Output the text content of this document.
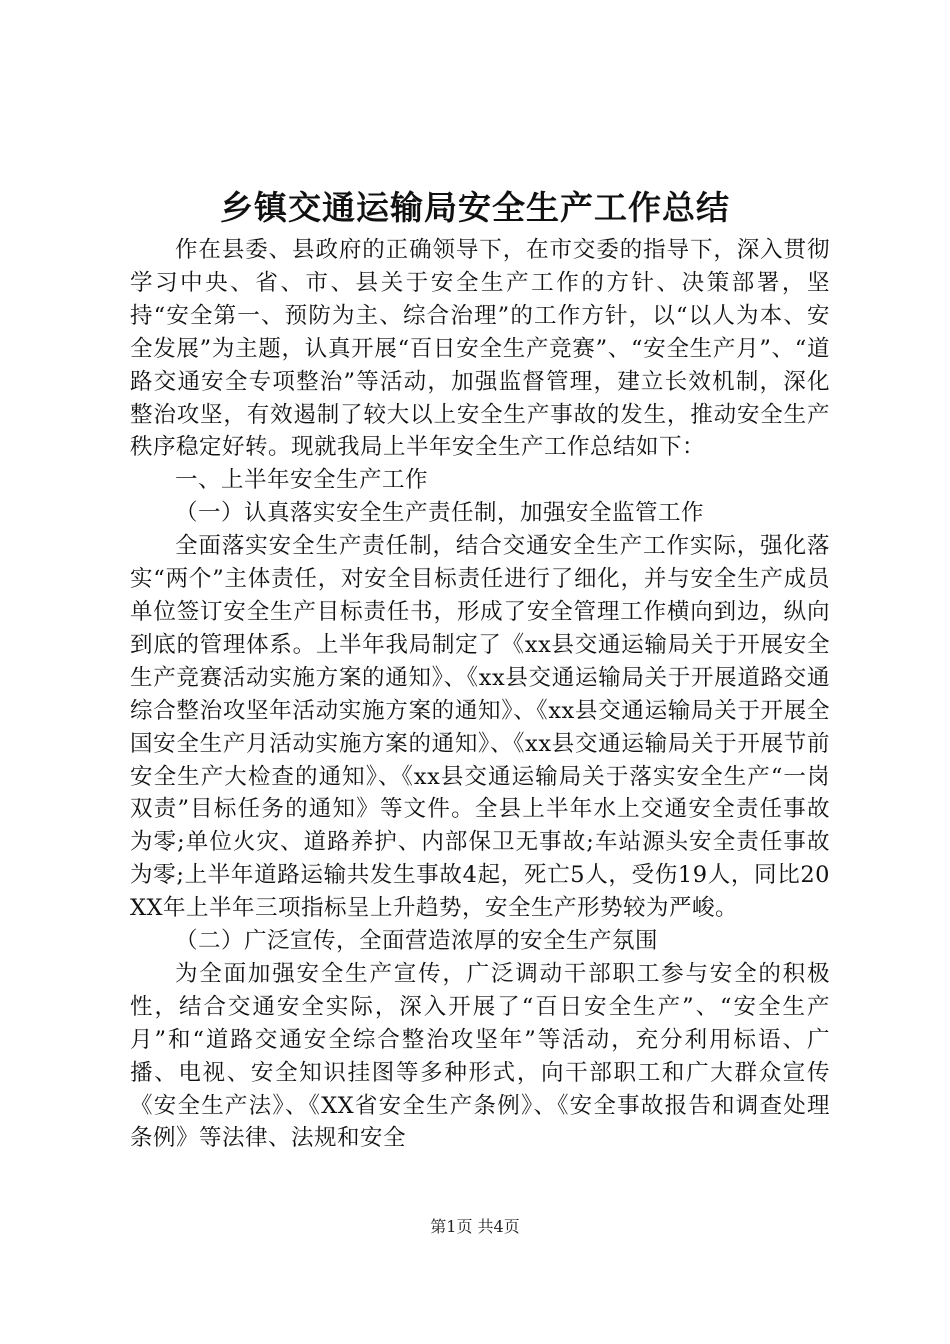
乡镇交通运输局安全生产工作总结

作在县委、县政府的正确领导下，在市交委的指导下，深入贯彻学习中央、省、市、县关于安全生产工作的方针、决策部署，坚持“安全第一、预防为主、综合治理”的工作方针，以“以人为本、安全发展”为主题，认真开展“百日安全生产竞赛”、“安全生产月”、“道路交通安全专项整治”等活动，加强监督管理，建立长效机制，深化整治攻坚，有效遏制了较大以上安全生产事故的发生，推动安全生产秩序稳定好转。现就我局上半年安全生产工作总结如下：

一、上半年安全生产工作

（一）认真落实安全生产责任制，加强安全监管工作

全面落实安全生产责任制，结合交通安全生产工作实际，强化落实“两个”主体责任，对安全目标责任进行了细化，并与安全生产成员单位签订安全生产目标责任书，形成了安全管理工作横向到边，纵向到底的管理体系。上半年我局制定了《xx县交通运输局关于开展安全生产竞赛活动实施方案的通知》、《xx县交通运输局关于开展道路交通综合整治攻坚年活动实施方案的通知》、《xx县交通运输局关于开展全国安全生产月活动实施方案的通知》、《xx县交通运输局关于开展节前安全生产大检查的通知》、《xx县交通运输局关于落实安全生产“一岗双责”目标任务的通知》等文件。全县上半年水上交通安全责任事故为零;单位火灾、道路养护、内部保卫无事故;车站源头安全责任事故为零;上半年道路运输共发生事故4起，死亡5人，受伤19人，同比20XX年上半年三项指标呈上升趋势，安全生产形势较为严峻。

（二）广泛宣传，全面营造浓厚的安全生产氛围

为全面加强安全生产宣传，广泛调动干部职工参与安全的积极性，结合交通安全实际，深入开展了“百日安全生产”、“安全生产月”和“道路交通安全综合整治攻坚年”等活动，充分利用标语、广播、电视、安全知识挂图等多种形式，向干部职工和广大群众宣传《安全生产法》、《XX省安全生产条例》、《安全事故报告和调查处理条例》等法律、法规和安全

第1页 共4页
